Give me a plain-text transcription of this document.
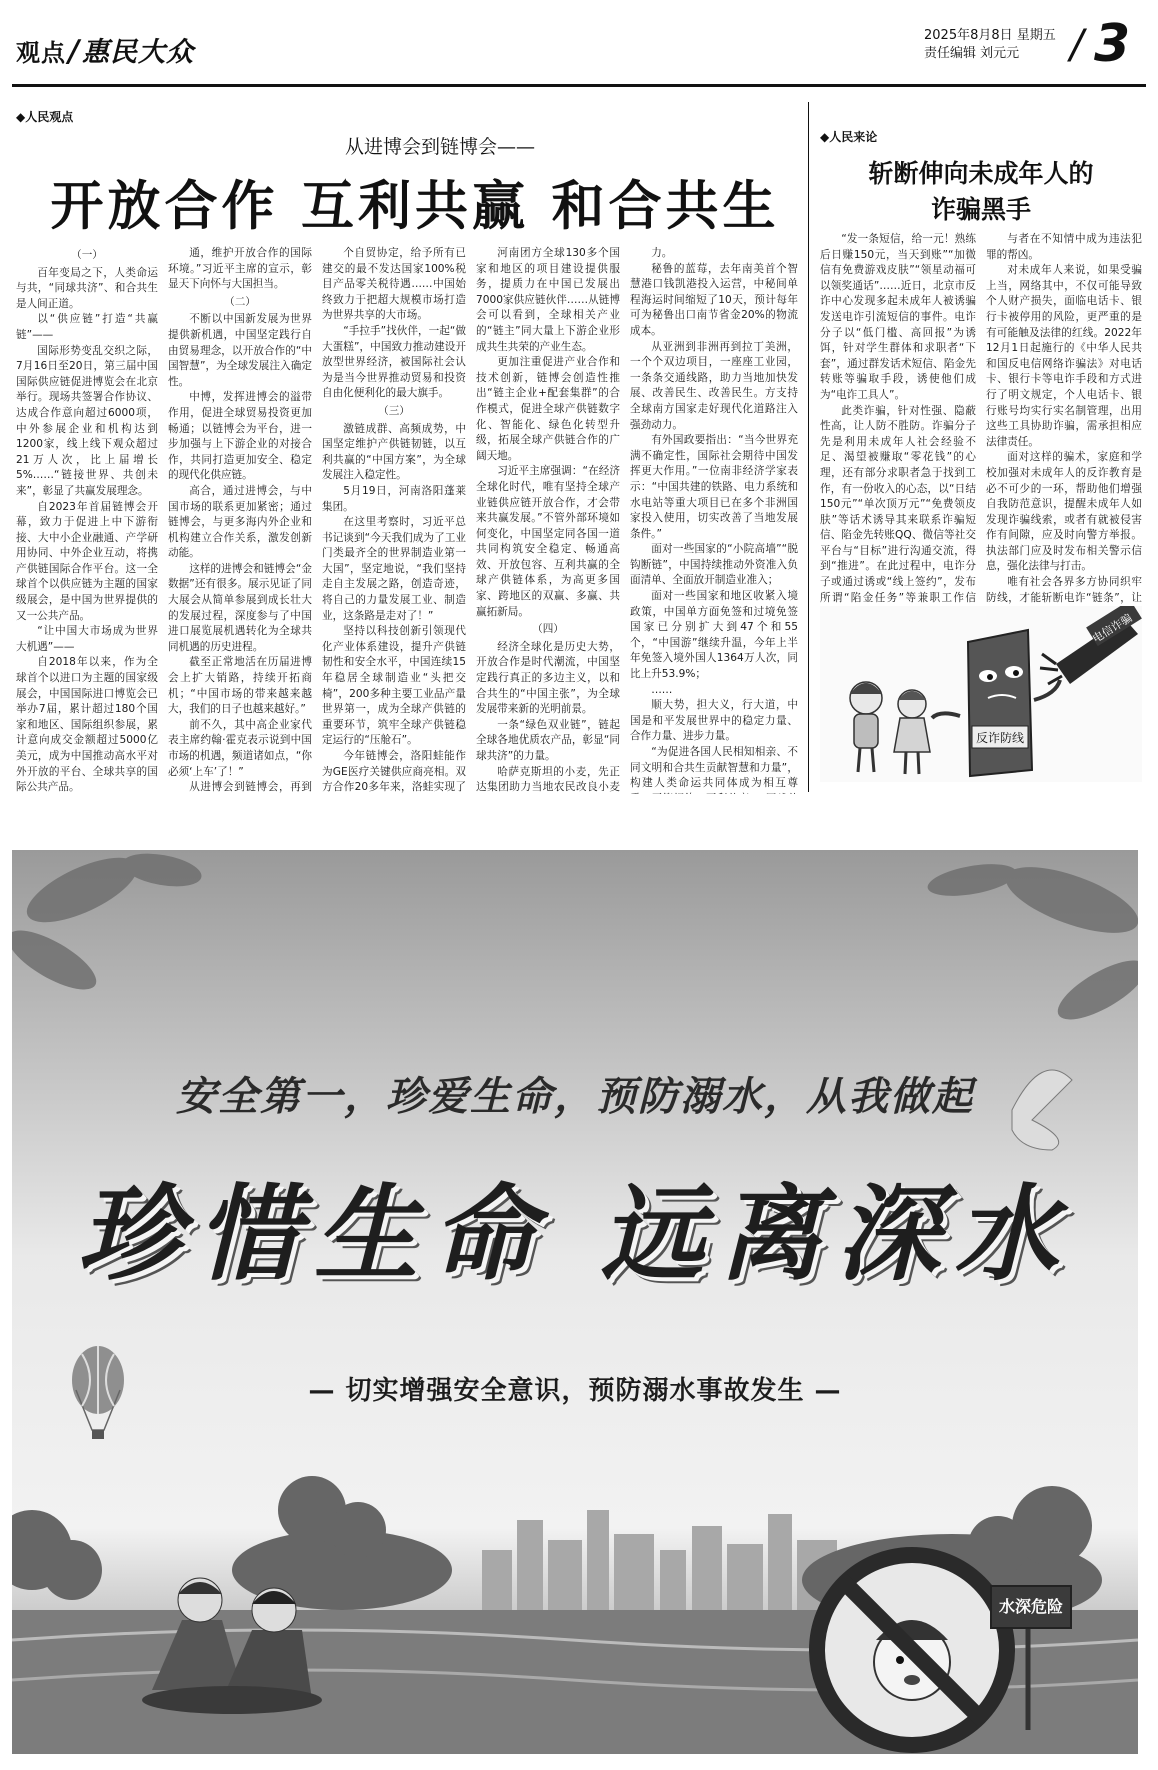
观点/惠民大众
2025年8月8日 星期五
责任编辑 刘元元 / 3
◆人民观点
从进博会到链博会——
开放合作 互利共赢 和合共生

（一）

百年变局之下，人类命运与共，“同球共济”、和合共生是人间正道。

以“供应链”打造“共赢链”——

国际形势变乱交织之际，7月16日至20日，第三届中国国际供应链促进博览会在北京举行。现场共签署合作协议、达成合作意向超过6000项，中外参展企业和机构达到1200家，线上线下观众超过21万人次，比上届增长5%……“链接世界、共创未来”，彰显了共赢发展理念。

自2023年首届链博会开幕，致力于促进上中下游衔接、大中小企业融通、产学研用协同、中外企业互动，将携产供链国际合作平台。这一全球首个以供应链为主题的国家级展会，是中国为世界提供的又一公共产品。

“让中国大市场成为世界大机遇”——

自2018年以来，作为全球首个以进口为主题的国家级展会，中国国际进口博览会已举办7届，累计超过180个国家和地区、国际组织参展，累计意向成交金额超过5000亿美元，成为中国推动高水平对外开放的平台、全球共享的国际公共产品。

通，维护开放合作的国际环境。”习近平主席的宣示，彰显天下向怀与大国担当。

（二）

不断以中国新发展为世界提供新机遇，中国坚定践行自由贸易理念，以开放合作的“中国智慧”，为全球发展注入确定性。

中博，发挥进博会的溢带作用，促进全球贸易投资更加畅通；以链博会为平台，进一步加强与上下游企业的对接合作，共同打造更加安全、稳定的现代化供应链。

高合，通过进博会，与中国市场的联系更加紧密；通过链博会，与更多海内外企业和机构建立合作关系，激发创新动能。

这样的进博会和链博会“金数据”还有很多。展示见证了同大展会从简单参展到成长壮大的发展过程，深度参与了中国进口展览展机遇转化为全球共同机遇的历史进程。

截至正常地活在历届进博会上扩大销路，持续开拓商机；“中国市场的带来越来越大，我们的日子也越来越好。”

前不久，其中高企业家代表主席约翰·霍克表示说到中国市场的机遇，频道诸如点，“你必须‘上车’了！”

从进博会到链博会，再到

个自贸协定，给予所有已建交的最不发达国家100%税目产品零关税待遇……中国始终致力于把超大规模市场打造为世界共享的大市场。

“手拉手”找伙伴，一起“做大蛋糕”，中国致力推动建设开放型世界经济，被国际社会认为是当今世界推动贸易和投资自由化便利化的最大旗手。

（三）

激链成群、高频成势，中国坚定维护产供链韧链，以互利共赢的“中国方案”，为全球发展注入稳定性。

5月19日，河南洛阳蓬莱集团。

在这里考察时，习近平总书记谈到“今天我们成为了工业门类最齐全的世界制造业第一大国”，坚定地说，“我们坚持走自主发展之路，创造奇迹，将自己的力量发展工业、制造业，这条路是走对了！”

坚持以科技创新引领现代化产业体系建设，提升产供链韧性和安全水平，中国连续15年稳居全球制造业“头把交椅”，200多种主要工业品产量世界第一，成为全球产供链的重要环节，筑牢全球产供链稳定运行的“压舱石”。

今年链博会，洛阳蛙能作为GE医疗关键供应商亮相。双方合作20多年来，洛蛙实现了

河南团方全球130多个国家和地区的项目建设提供服务，提质力在中国已发展出7000家供应链伙伴……从链博会可以看到，全球相关产业的“链主”同大量上下游企业形成共生共荣的产业生态。

更加注重促进产业合作和技术创新，链博会创造性推出“链主企业+配套集群”的合作模式，促进全球产供链数字化、智能化、绿色化转型升级，拓展全球产供链合作的广阔天地。

习近平主席强调：“在经济全球化时代，唯有坚持全球产业链供应链开放合作，才会带来共赢发展。”不管外部环境如何变化，中国坚定同各国一道共同构筑安全稳定、畅通高效、开放包容、互利共赢的全球产供链体系，为高更多国家、跨地区的双赢、多赢、共赢拓新局。

（四）

经济全球化是历史大势，开放合作是时代潮流，中国坚定践行真正的多边主义，以和合共生的“中国主张”，为全球发展带来新的光明前景。

一条“绿色双业链”，链起全球各地优质农产品，彰显“同球共济”的力量。

哈萨克斯坦的小麦，先正达集团助力当地农民改良小麦

力。

秘鲁的蓝莓，去年南美首个智慧港口钱凯港投入运营，中秘间单程海运时间缩短了10天，预计每年可为秘鲁出口南节省金20%的物流成本。

从亚洲到非洲再到拉丁美洲，一个个双边项目，一座座工业园，一条条交通线路，助力当地加快发展、改善民生、改善民生。方支持全球南方国家走好现代化道路注入强劲动力。

有外国政要指出：“当今世界充满不确定性，国际社会期待中国发挥更大作用。”一位南非经济学家表示：“中国共建的铁路、电力系统和水电站等重大项目已在多个非洲国家投入使用，切实改善了当地发展条件。”

面对一些国家的“小院高墙”“脱钩断链”，中国持续推动外资准入负面清单、全面放开制造业准入；

面对一些国家和地区收紧入境政策，中国单方面免签和过境免签国家已分别扩大到47个和55个，“中国游”继续升温，今年上半年免签入境外国人1364万人次，同比上升53.9%；

……

顺大势，担大义，行大道，中国是和平发展世界中的稳定力量、合作力量、进步力量。

“为促进各国人民相知相亲、不同文明和合共生贡献智慧和力量”，构建人类命运共同体成为相互尊

◆人民来论
斩断伸向未成年人的
诈骗黑手

“发一条短信，给一元！熟练后日赚150元，当天到账”“加微信有免费游戏皮肤”“领星动福可以领奖通话”……近日，北京市反诈中心发现多起未成年人被诱骗发送电诈引流短信的事件。电诈分子以“低门槛、高回报”为诱饵，针对学生群体和求职者“下套”，通过群发话术短信、陷金先转账等骗取手段，诱使他们成为“电诈工具人”。

此类诈骗，针对性强、隐蔽性高，让人防不胜防。诈骗分子先是利用未成年人社会经验不足、渴望被赚取“零花钱”的心理，还有部分求职者急于找到工作，有一份收入的心态，以“日结150元”“单次顶万元”“免费领皮肤”等话术诱导其来联系诈骗短信、陷金先转账QQ、微信等社交平台与“目标”进行沟通交流，得到“推进”。在此过程中，电诈分子或通过诱或“线上签约”，发布所谓“陷金任务”等兼职工作信

与者在不知情中成为违法犯罪的帮凶。

对未成年人来说，如果受骗上当，网络其中，不仅可能导致个人财产损失，面临电话卡、银行卡被停用的风险，更严重的是有可能触及法律的红线。2022年12月1日起施行的《中华人民共和国反电信网络诈骗法》对电话卡、银行卡等电诈手段和方式进行了明文规定，个人电话卡、银行账号均实行实名制管理，出用这些工具协助诈骗，需承担相应法律责任。

面对这样的骗术，家庭和学校加强对未成年人的反诈教育是必不可少的一环，帮助他们增强自我防范意识，提醒未成年人如发现诈骗线索，或者有就被侵害作有间隙，应及时向警方举报。执法部门应及时发布相关警示信息，强化法律与打击。

唯有社会各界多方协同织牢防线，才能斩断电诈“链条”，让

反诈防线
电信诈骗
安全第一，珍爱生命，预防溺水，从我做起
珍惜生命 远离深水
— 切实增强安全意识，预防溺水事故发生 —
水深危险
